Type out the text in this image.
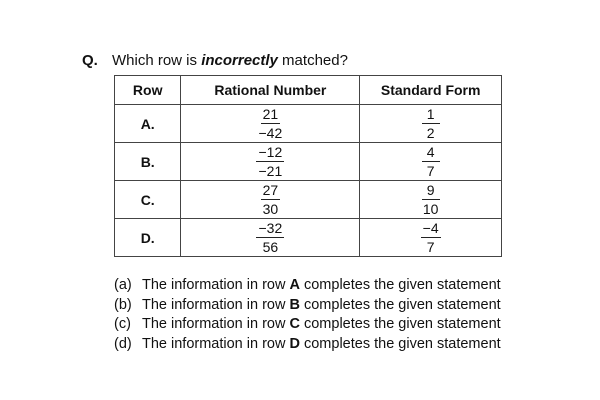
Q. Which row is incorrectly matched?
Row	Rational Number	Standard Form
A.	$\frac{21}{-42}$	$\frac{1}{2}$

B.	$\frac{-12}{-21}$	$\frac{4}{7}$

C.	$\frac{27}{30}$	$\frac{9}{10}$

D.	$\frac{-32}{56}$	$\frac{-4}{7}$
(a) The information in row A completes the given statement
(b) The information in row B completes the given statement
(c) The information in row C completes the given statement
(d) The information in row D completes the given statement
